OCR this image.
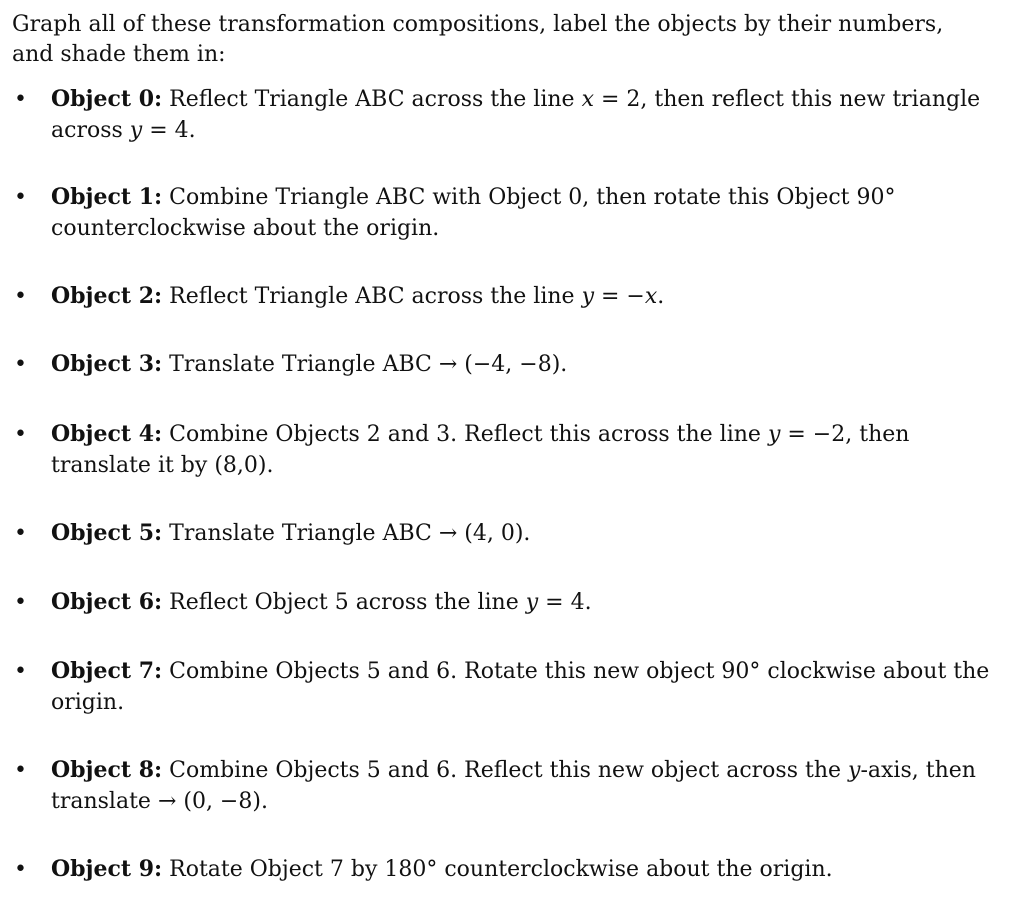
Graph all of these transformation compositions, label the objects by their numbers, and shade them in:

• Object 0: Reflect Triangle ABC across the line x = 2, then reflect this new triangle across y = 4.
• Object 1: Combine Triangle ABC with Object 0, then rotate this Object 90° counterclockwise about the origin.
• Object 2: Reflect Triangle ABC across the line y = −x.
• Object 3: Translate Triangle ABC → (−4, −8).
• Object 4: Combine Objects 2 and 3. Reflect this across the line y = −2, then translate it by (8,0).
• Object 5: Translate Triangle ABC → (4, 0).
• Object 6: Reflect Object 5 across the line y = 4.
• Object 7: Combine Objects 5 and 6. Rotate this new object 90° clockwise about the origin.
• Object 8: Combine Objects 5 and 6. Reflect this new object across the y-axis, then translate → (0, −8).
• Object 9: Rotate Object 7 by 180° counterclockwise about the origin.
